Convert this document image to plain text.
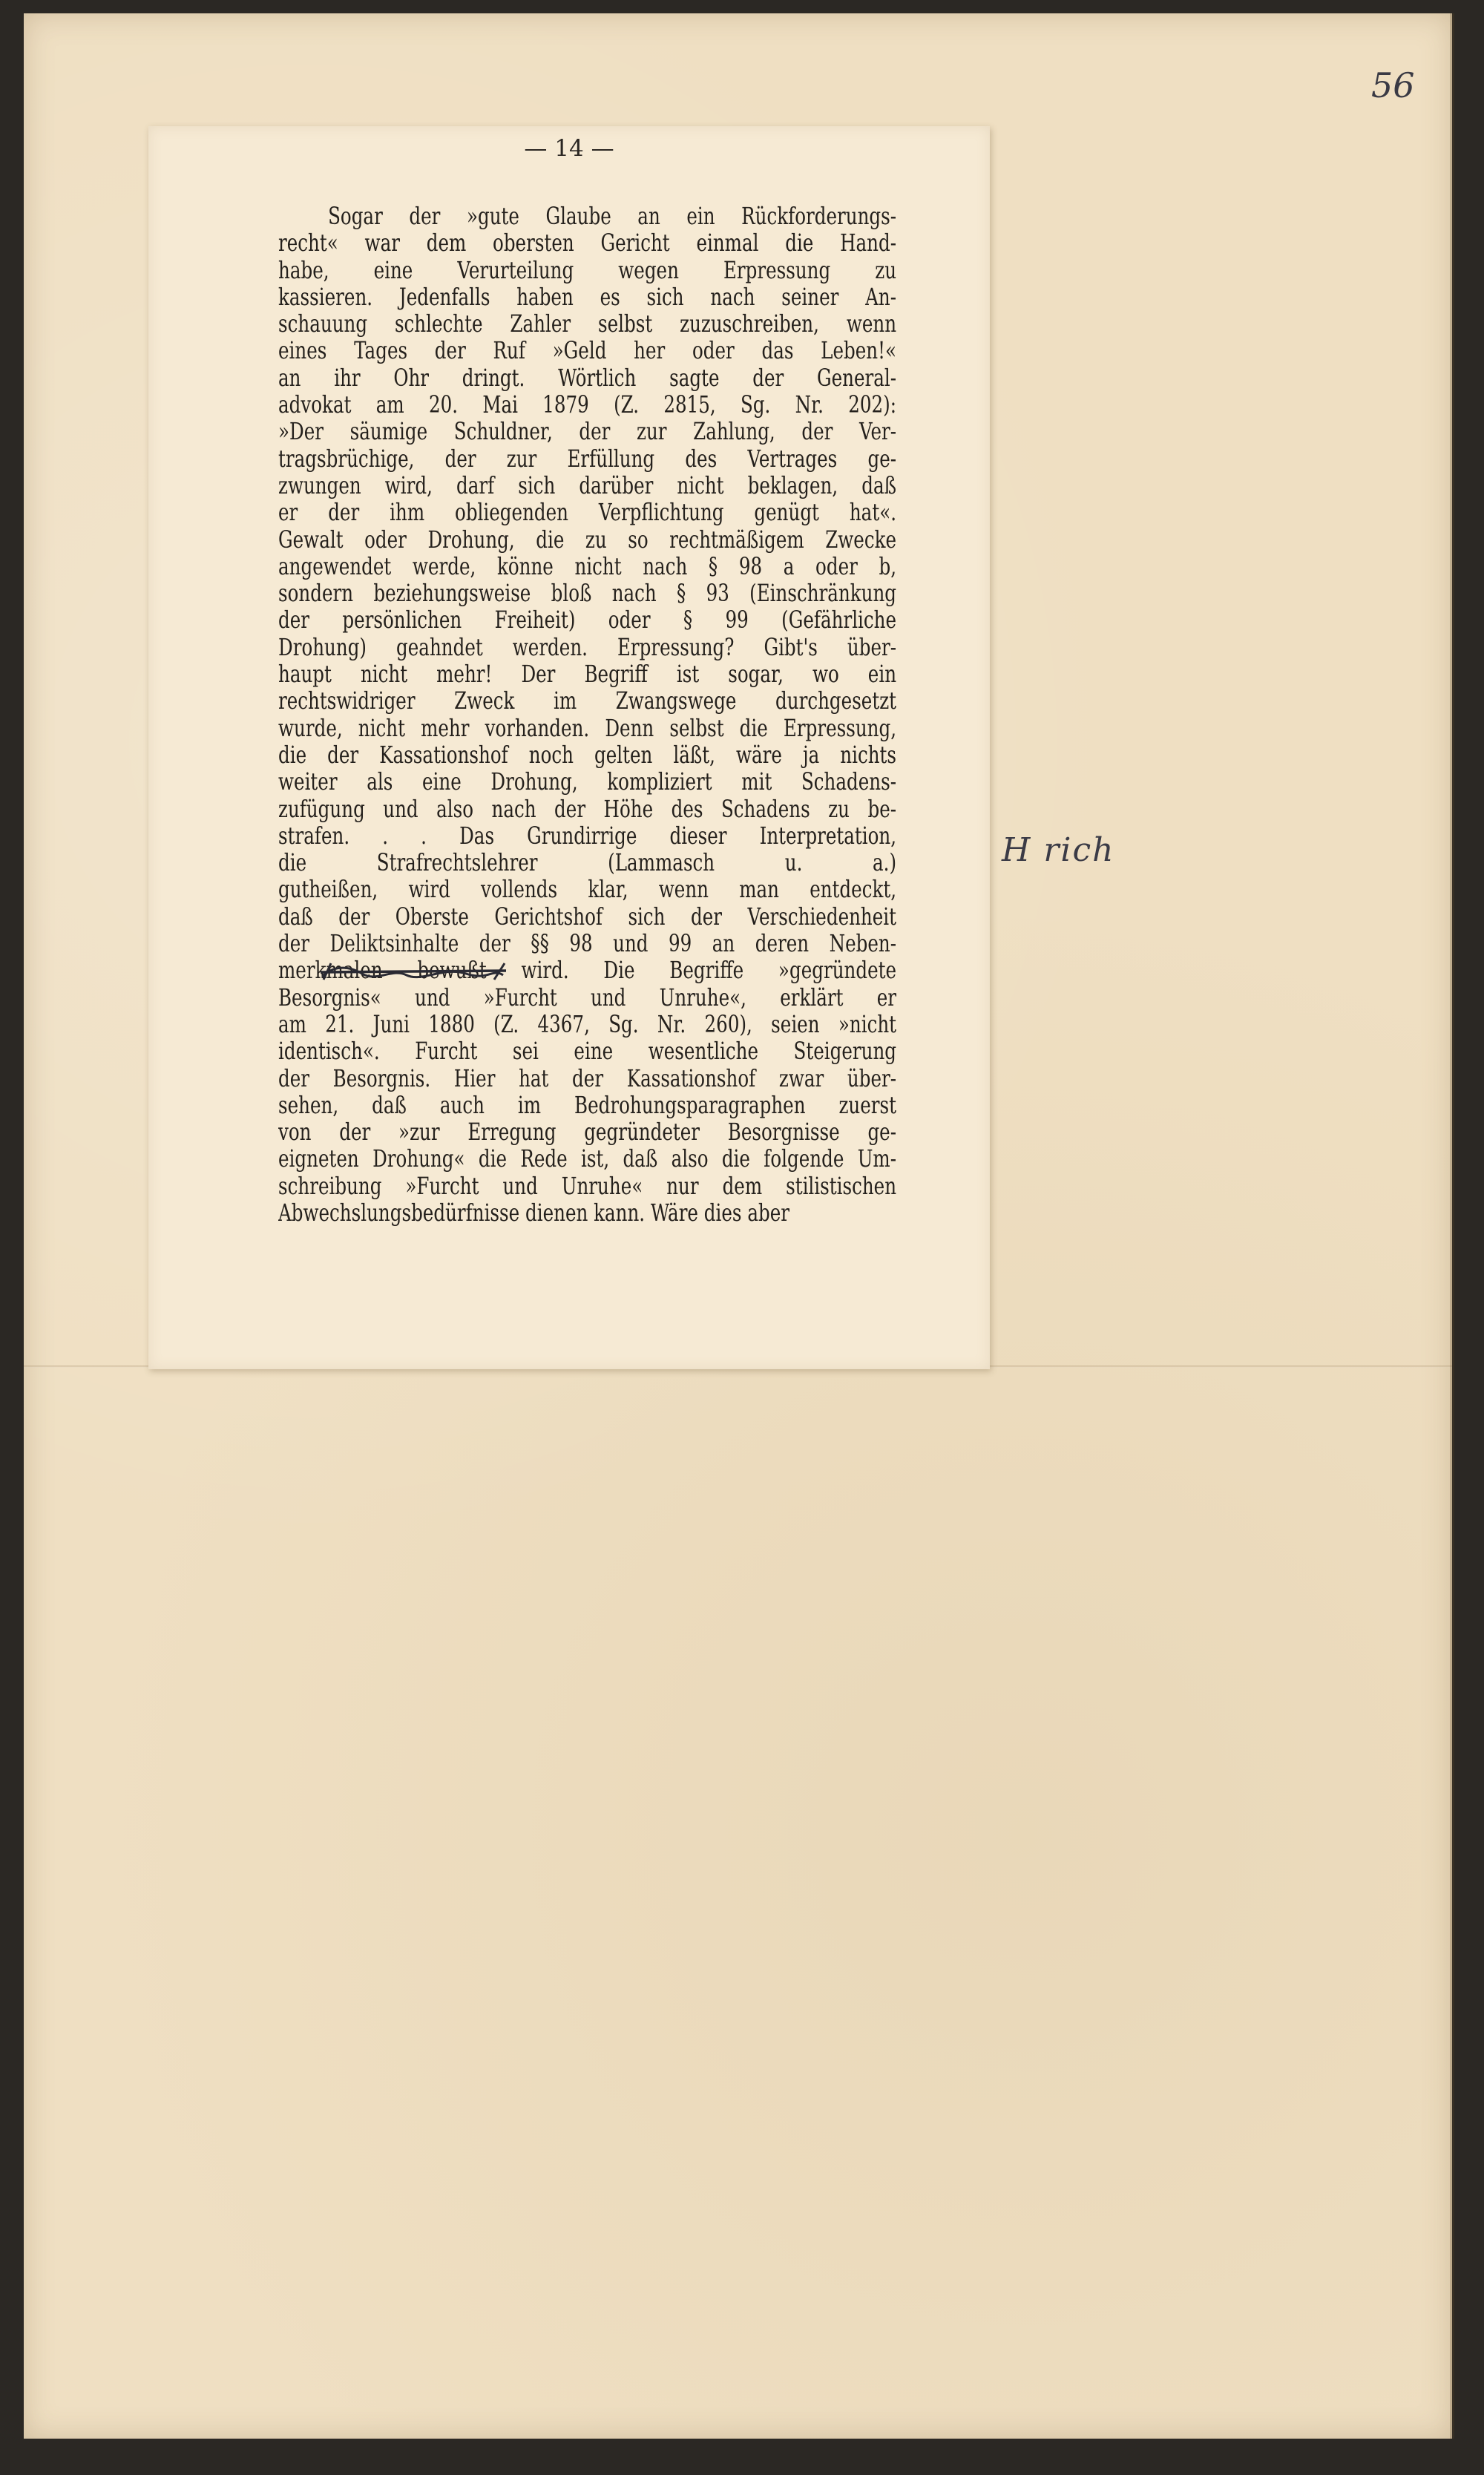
56
— 14 —
Sogar der »gute Glaube an ein Rückforderungs-
recht« war dem obersten Gericht einmal die Hand-
habe, eine Verurteilung wegen Erpressung zu
kassieren. Jedenfalls haben es sich nach seiner An-
schauung schlechte Zahler selbst zuzuschreiben, wenn
eines Tages der Ruf »Geld her oder das Leben!«
an ihr Ohr dringt. Wörtlich sagte der General-
advokat am 20. Mai 1879 (Z. 2815, Sg. Nr. 202):
»Der säumige Schuldner, der zur Zahlung, der Ver-
tragsbrüchige, der zur Erfüllung des Vertrages ge-
zwungen wird, darf sich darüber nicht beklagen, daß
er der ihm obliegenden Verpflichtung genügt hat«.
Gewalt oder Drohung, die zu so rechtmäßigem Zwecke
angewendet werde, könne nicht nach § 98 a oder b,
sondern beziehungsweise bloß nach § 93 (Einschränkung
der persönlichen Freiheit) oder § 99 (Gefährliche
Drohung) geahndet werden. Erpressung? Gibt's über-
haupt nicht mehr! Der Begriff ist sogar, wo ein
rechtswidriger Zweck im Zwangswege durchgesetzt
wurde, nicht mehr vorhanden. Denn selbst die Erpressung,
die der Kassationshof noch gelten läßt, wäre ja nichts
weiter als eine Drohung, kompliziert mit Schadens-
zufügung und also nach der Höhe des Schadens zu be-
strafen. . . Das Grundirrige dieser Interpretation,
die Strafrechtslehrer (Lammasch u. a.)
gutheißen, wird vollends klar, wenn man entdeckt,
daß der Oberste Gerichtshof sich der Verschiedenheit
der Deliktsinhalte der §§ 98 und 99 an deren Neben-
merkmalen bewußt wird. Die Begriffe »gegründete
Besorgnis« und »Furcht und Unruhe«, erklärt er
am 21. Juni 1880 (Z. 4367, Sg. Nr. 260), seien »nicht
identisch«. Furcht sei eine wesentliche Steigerung
der Besorgnis. Hier hat der Kassationshof zwar über-
sehen, daß auch im Bedrohungsparagraphen zuerst
von der »zur Erregung gegründeter Besorgnisse ge-
eigneten Drohung« die Rede ist, daß also die folgende Um-
schreibung »Furcht und Unruhe« nur dem stilistischen
Abwechslungsbedürfnisse dienen kann. Wäre dies aber
H rich
